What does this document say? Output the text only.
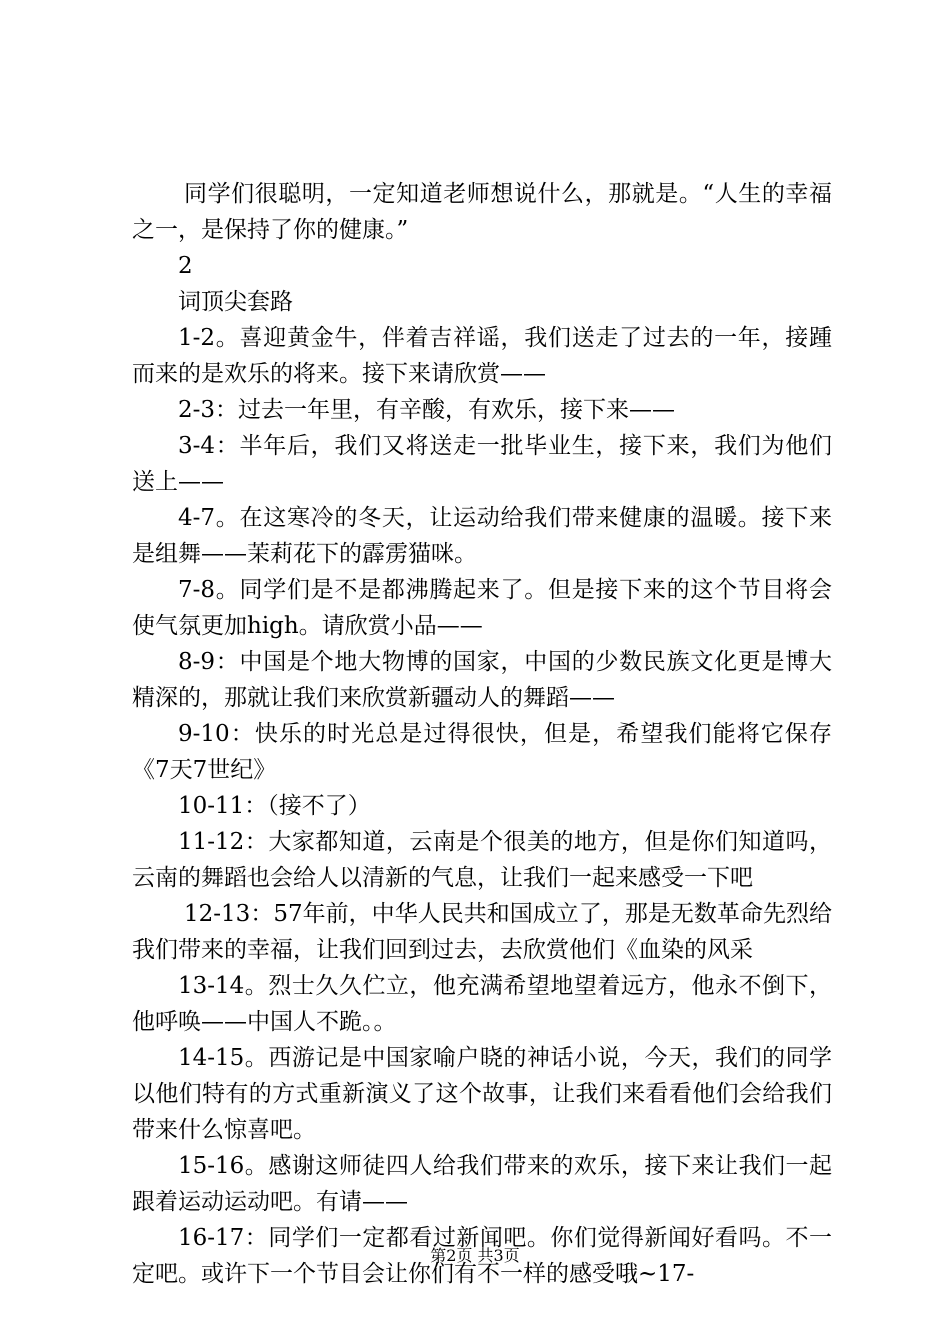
同学们很聪明，一定知道老师想说什么，那就是。“人生的幸福之一，是保持了你的健康。”

2

词顶尖套路

1-2。喜迎黄金牛，伴着吉祥谣，我们送走了过去的一年，接踵而来的是欢乐的将来。接下来请欣赏——

2-3：过去一年里，有辛酸，有欢乐，接下来——

3-4：半年后，我们又将送走一批毕业生，接下来，我们为他们送上——

4-7。在这寒冷的冬天，让运动给我们带来健康的温暖。接下来是组舞——茉莉花下的霹雳猫咪。

7-8。同学们是不是都沸腾起来了。但是接下来的这个节目将会使气氛更加high。请欣赏小品——

8-9：中国是个地大物博的国家，中国的少数民族文化更是博大精深的，那就让我们来欣赏新疆动人的舞蹈——

9-10：快乐的时光总是过得很快，但是，希望我们能将它保存《7天7世纪》

10-11：（接不了）

11-12：大家都知道，云南是个很美的地方，但是你们知道吗，云南的舞蹈也会给人以清新的气息，让我们一起来感受一下吧

12-13：57年前，中华人民共和国成立了，那是无数革命先烈给我们带来的幸福，让我们回到过去，去欣赏他们《血染的风采

13-14。烈士久久伫立，他充满希望地望着远方，他永不倒下，他呼唤——中国人不跪。。

14-15。西游记是中国家喻户晓的神话小说，今天，我们的同学以他们特有的方式重新演义了这个故事，让我们来看看他们会给我们带来什么惊喜吧。

15-16。感谢这师徒四人给我们带来的欢乐，接下来让我们一起跟着运动运动吧。有请——

16-17：同学们一定都看过新闻吧。你们觉得新闻好看吗。不一定吧。或许下一个节目会让你们有不一样的感受哦~17-

第2页 共3页
